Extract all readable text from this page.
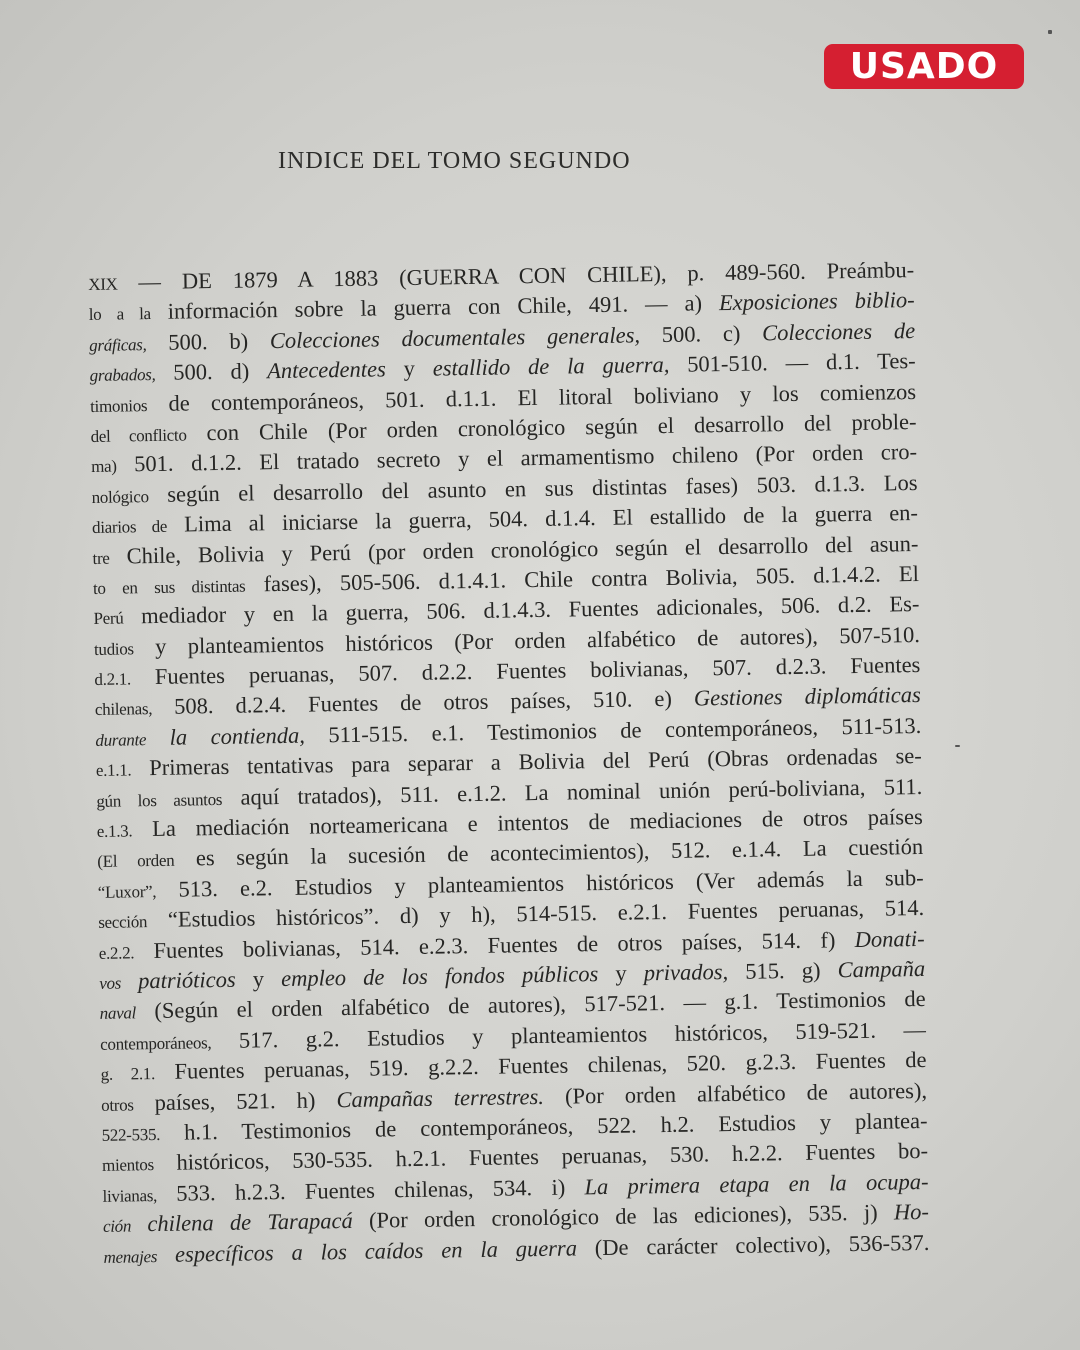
USADO
INDICE DEL TOMO SEGUNDO
XIX — DE 1879 A 1883 (GUERRA CON CHILE), p. 489-560. Preámbu-
lo a la información sobre la guerra con Chile, 491. — a) Exposiciones biblio-
gráficas, 500. b) Colecciones documentales generales, 500. c) Colecciones de
grabados, 500. d) Antecedentes y estallido de la guerra, 501-510. — d.1. Tes-
timonios de contemporáneos, 501. d.1.1. El litoral boliviano y los comienzos
del conflicto con Chile (Por orden cronológico según el desarrollo del proble-
ma) 501. d.1.2. El tratado secreto y el armamentismo chileno (Por orden cro-
nológico según el desarrollo del asunto en sus distintas fases) 503. d.1.3. Los
diarios de Lima al iniciarse la guerra, 504. d.1.4. El estallido de la guerra en-
tre Chile, Bolivia y Perú (por orden cronológico según el desarrollo del asun-
to en sus distintas fases), 505-506. d.1.4.1. Chile contra Bolivia, 505. d.1.4.2. El
Perú mediador y en la guerra, 506. d.1.4.3. Fuentes adicionales, 506. d.2. Es-
tudios y planteamientos históricos (Por orden alfabético de autores), 507-510.
d.2.1. Fuentes peruanas, 507. d.2.2. Fuentes bolivianas, 507. d.2.3. Fuentes
chilenas, 508. d.2.4. Fuentes de otros países, 510. e) Gestiones diplomáticas
durante la contienda, 511-515. e.1. Testimonios de contemporáneos, 511-513.
e.1.1. Primeras tentativas para separar a Bolivia del Perú (Obras ordenadas se-
gún los asuntos aquí tratados), 511. e.1.2. La nominal unión perú-boliviana, 511.
e.1.3. La mediación norteamericana e intentos de mediaciones de otros países
(El orden es según la sucesión de acontecimientos), 512. e.1.4. La cuestión
“Luxor”, 513. e.2. Estudios y planteamientos históricos (Ver además la sub-
sección “Estudios históricos”. d) y h), 514-515. e.2.1. Fuentes peruanas, 514.
e.2.2. Fuentes bolivianas, 514. e.2.3. Fuentes de otros países, 514. f) Donati-
vos patrióticos y empleo de los fondos públicos y privados, 515. g) Campaña
naval (Según el orden alfabético de autores), 517-521. — g.1. Testimonios de
contemporáneos, 517. g.2. Estudios y planteamientos históricos, 519-521. —
g. 2.1. Fuentes peruanas, 519. g.2.2. Fuentes chilenas, 520. g.2.3. Fuentes de
otros países, 521. h) Campañas terrestres. (Por orden alfabético de autores),
522-535. h.1. Testimonios de contemporáneos, 522. h.2. Estudios y plantea-
mientos históricos, 530-535. h.2.1. Fuentes peruanas, 530. h.2.2. Fuentes bo-
livianas, 533. h.2.3. Fuentes chilenas, 534. i) La primera etapa en la ocupa-
ción chilena de Tarapacá (Por orden cronológico de las ediciones), 535. j) Ho-
menajes específicos a los caídos en la guerra (De carácter colectivo), 536-537.
